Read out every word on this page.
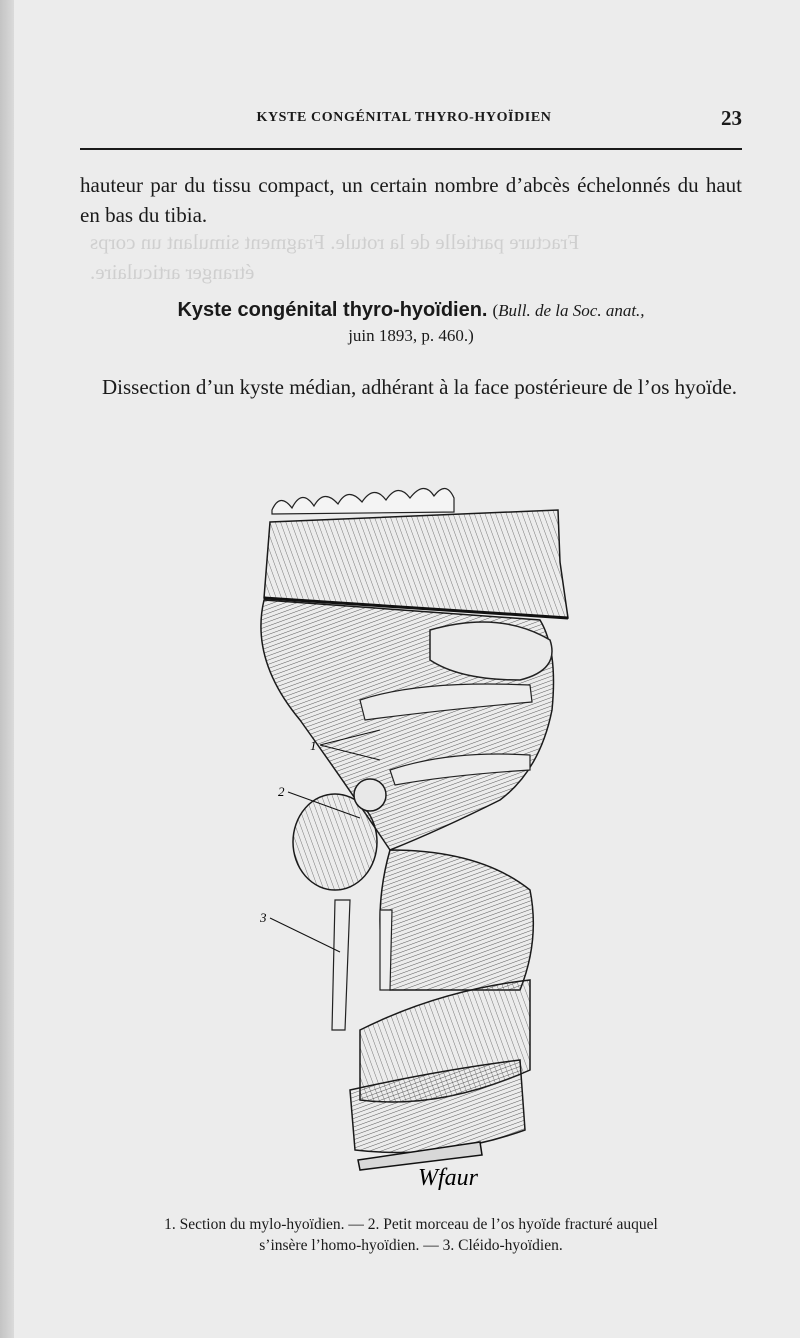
Fracture partielle de la rotule. Fragment simulant un corps
étranger articulaire.
KYSTE CONGÉNITAL THYRO-HYOÏDIEN	23

hauteur par du tissu compact, un certain nombre d’abcès échelonnés du haut en bas du tibia.

Kyste congénital thyro-hyoïdien. (Bull. de la Soc. anat.,
juin 1893, p. 460.)

Dissection d’un kyste médian, adhérant à la face postérieure de l’os hyoïde.

1
2
3
Wfaur
1. Section du mylo-hyoïdien. — 2. Petit morceau de l’os hyoïde fracturé auquel
s’insère l’homo-hyoïdien. — 3. Cléido-hyoïdien.
